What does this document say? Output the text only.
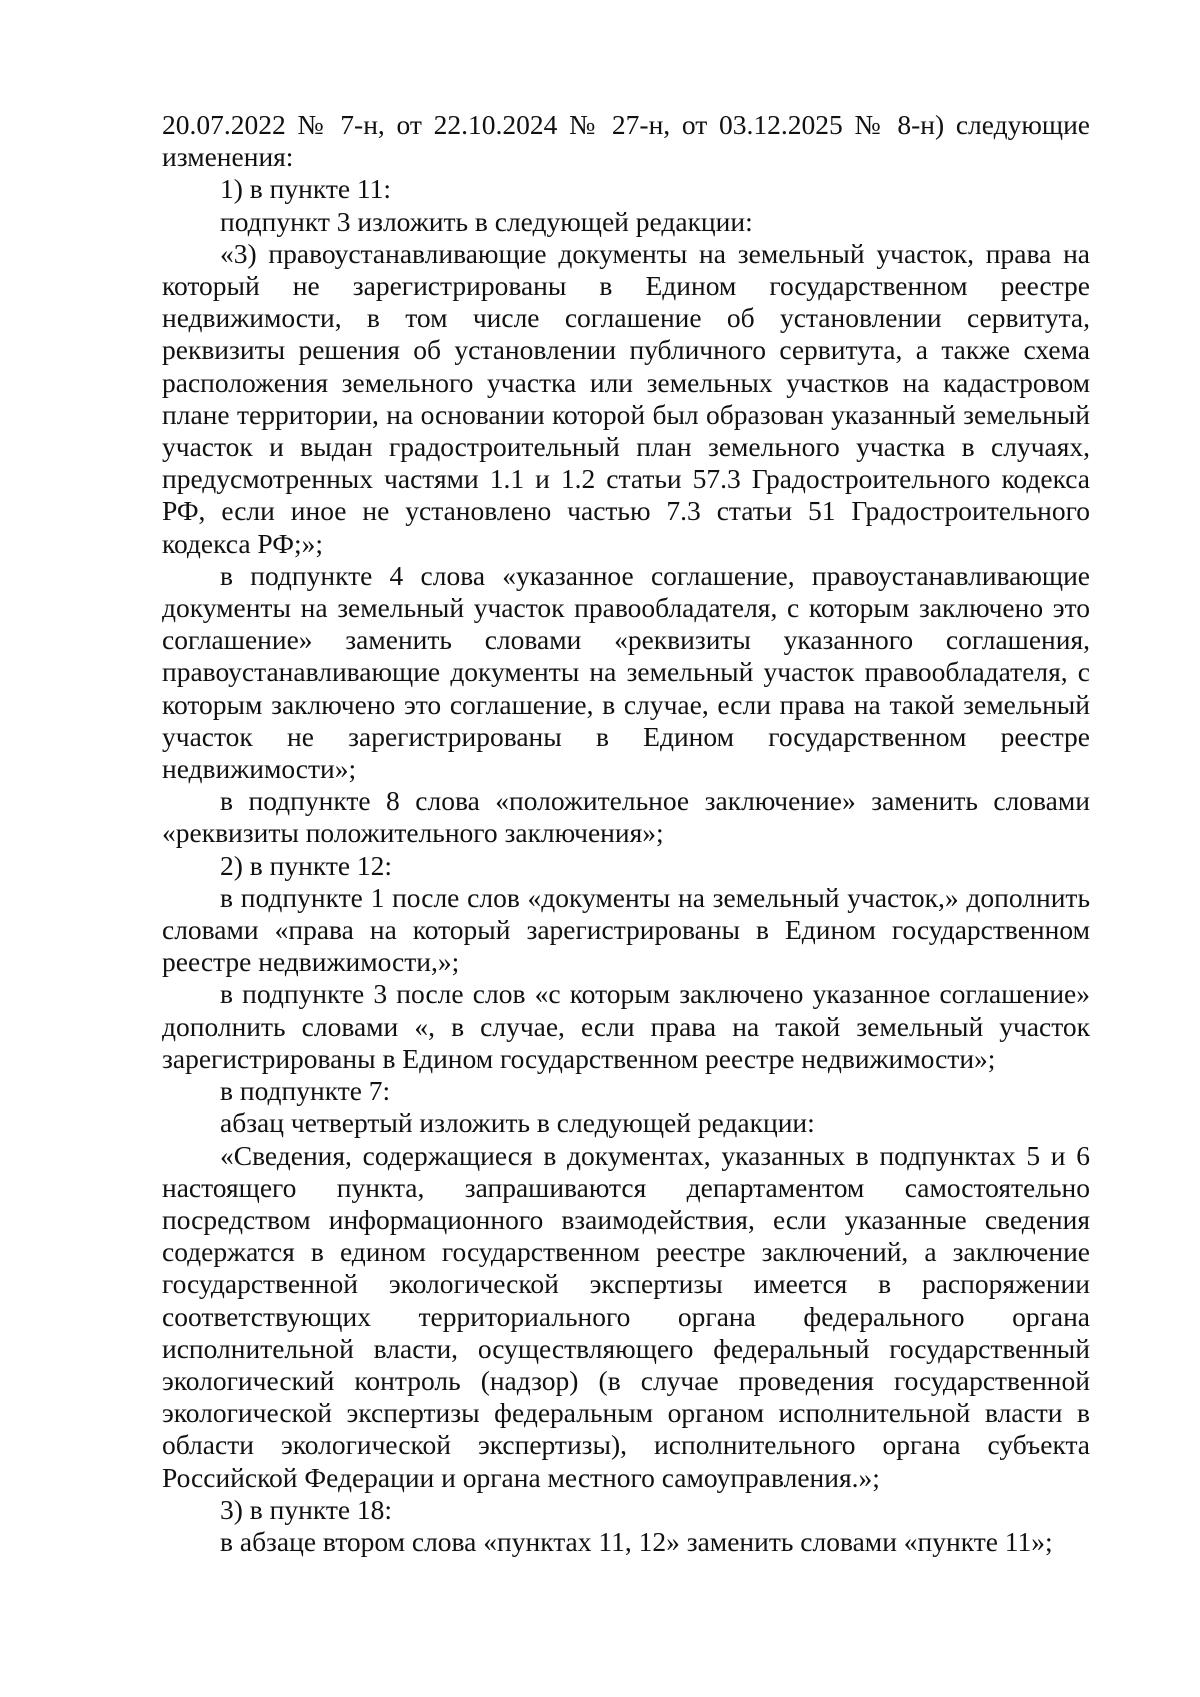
20.07.2022 № 7-н, от 22.10.2024 № 27-н, от 03.12.2025 № 8-н) следующие изменения:

1) в пункте 11:

подпункт 3 изложить в следующей редакции:

«3) правоустанавливающие документы на земельный участок, права на который не зарегистрированы в Едином государственном реестре недвижимости, в том числе соглашение об установлении сервитута, реквизиты решения об установлении публичного сервитута, а также схема расположения земельного участка или земельных участков на кадастровом плане территории, на основании которой был образован указанный земельный участок и выдан градостроительный план земельного участка в случаях, предусмотренных частями 1.1 и 1.2 статьи 57.3 Градостроительного кодекса РФ, если иное не установлено частью 7.3 статьи 51 Градостроительного кодекса РФ;»;

в подпункте 4 слова «указанное соглашение, правоустанавливающие документы на земельный участок правообладателя, с которым заключено это соглашение» заменить словами «реквизиты указанного соглашения, правоустанавливающие документы на земельный участок правообладателя, с которым заключено это соглашение, в случае, если права на такой земельный участок не зарегистрированы в Едином государственном реестре недвижимости»;

в подпункте 8 слова «положительное заключение» заменить словами «реквизиты положительного заключения»;

2) в пункте 12:

в подпункте 1 после слов «документы на земельный участок,» дополнить словами «права на который зарегистрированы в Едином государственном реестре недвижимости,»;

в подпункте 3 после слов «с которым заключено указанное соглашение» дополнить словами «, в случае, если права на такой земельный участок зарегистрированы в Едином государственном реестре недвижимости»;

в подпункте 7:

абзац четвертый изложить в следующей редакции:

«Сведения, содержащиеся в документах, указанных в подпунктах 5 и 6 настоящего пункта, запрашиваются департаментом самостоятельно посредством информационного взаимодействия, если указанные сведения содержатся в едином государственном реестре заключений, а заключение государственной экологической экспертизы имеется в распоряжении соответствующих территориального органа федерального органа исполнительной власти, осуществляющего федеральный государственный экологический контроль (надзор) (в случае проведения государственной экологической экспертизы федеральным органом исполнительной власти в области экологической экспертизы), исполнительного органа субъекта Российской Федерации и органа местного самоуправления.»;

3) в пункте 18:

в абзаце втором слова «пунктах 11, 12» заменить словами «пункте 11»;
